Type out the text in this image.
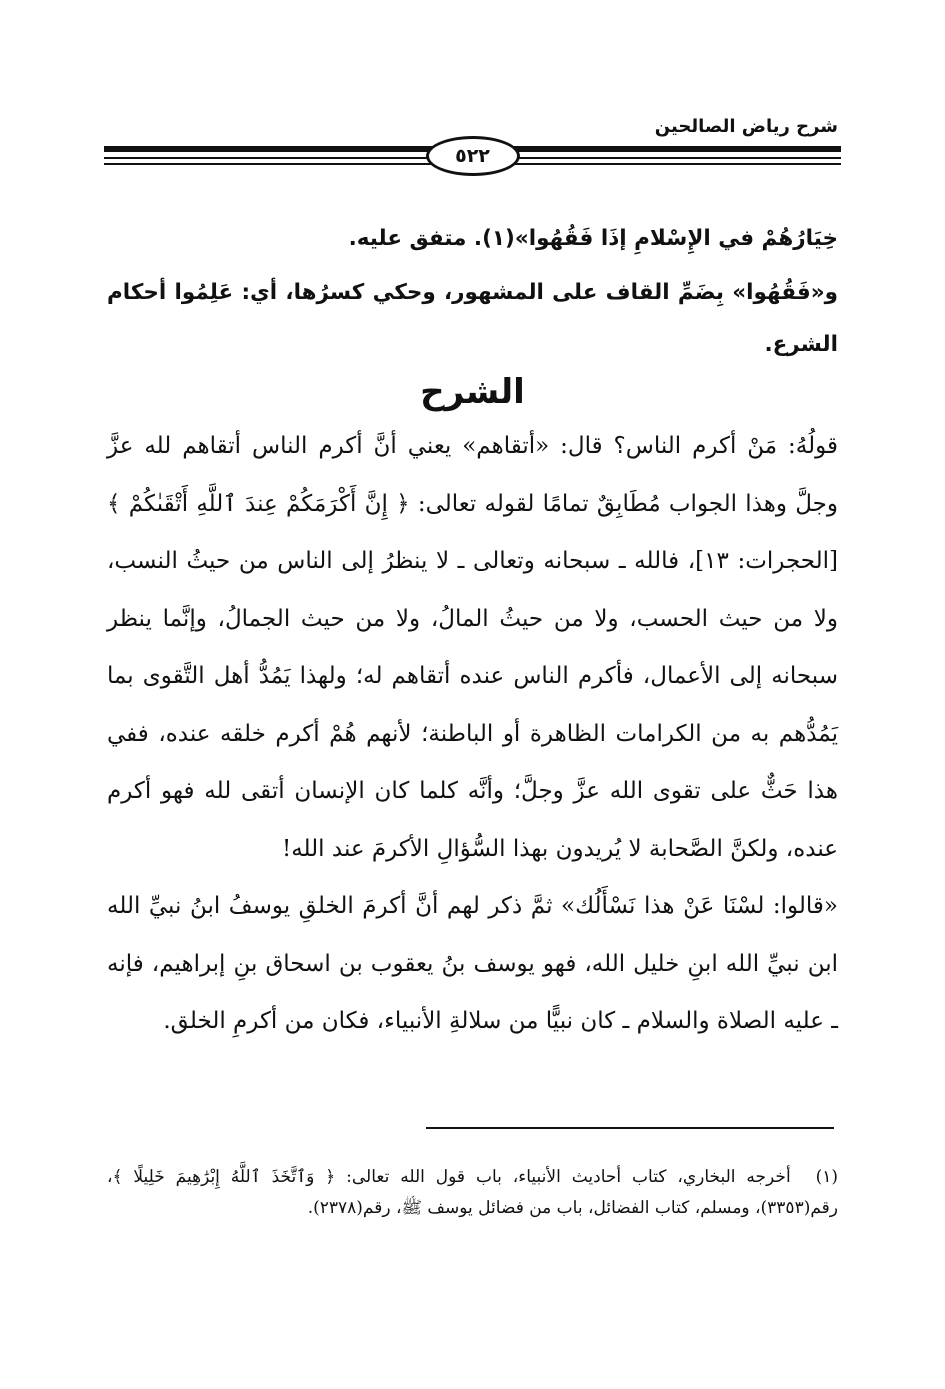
شرح رياض الصالحين
٥٢٢

خِيَارُهُمْ في الإِسْلامِ إذَا فَقُهُوا»(١). متفق عليه.

و«فَقُهُوا» بِضَمِّ القاف على المشهور، وحكي كسرُها، أي: عَلِمُوا أحكام الشرع.

الشرح

قولُهُ: مَنْ أكرم الناس؟ قال: «أتقاهم» يعني أنَّ أكرم الناس أتقاهم لله عزَّ وجلَّ وهذا الجواب مُطَابِقٌ تمامًا لقوله تعالى: ﴿ إِنَّ أَكْرَمَكُمْ عِندَ ٱللَّهِ أَتْقَىٰكُمْ ﴾ [الحجرات: ١٣]، فالله ـ سبحانه وتعالى ـ لا ينظرُ إلى الناس من حيثُ النسب، ولا من حيث الحسب، ولا من حيثُ المالُ، ولا من حيث الجمالُ، وإنَّما ينظر سبحانه إلى الأعمال، فأكرم الناس عنده أتقاهم له؛ ولهذا يَمُدُّ أهل التَّقوى بما يَمُدُّهم به من الكرامات الظاهرة أو الباطنة؛ لأنهم هُمْ أكرم خلقه عنده، ففي هذا حَثٌّ على تقوى الله عزَّ وجلَّ؛ وأنَّه كلما كان الإنسان أتقى لله فهو أكرم عنده، ولكنَّ الصَّحابة لا يُريدون بهذا السُّؤالِ الأكرمَ عند الله!

«قالوا: لسْنَا عَنْ هذا نَسْأَلُك» ثمَّ ذكر لهم أنَّ أكرمَ الخلقِ يوسفُ ابنُ نبيِّ الله ابن نبيِّ الله ابنِ خليل الله، فهو يوسف بنُ يعقوب بن اسحاق بنِ إبراهيم، فإنه ـ عليه الصلاة والسلام ـ كان نبيًّا من سلالةِ الأنبياء، فكان من أكرمِ الخلق.

(١) أخرجه البخاري، كتاب أحاديث الأنبياء، باب قول الله تعالى: ﴿ وَٱتَّخَذَ ٱللَّهُ إِبْرَٰهِيمَ خَلِيلًا ﴾، رقم(٣٣٥٣)، ومسلم، كتاب الفضائل، باب من فضائل يوسف ﷺ، رقم(٢٣٧٨).
